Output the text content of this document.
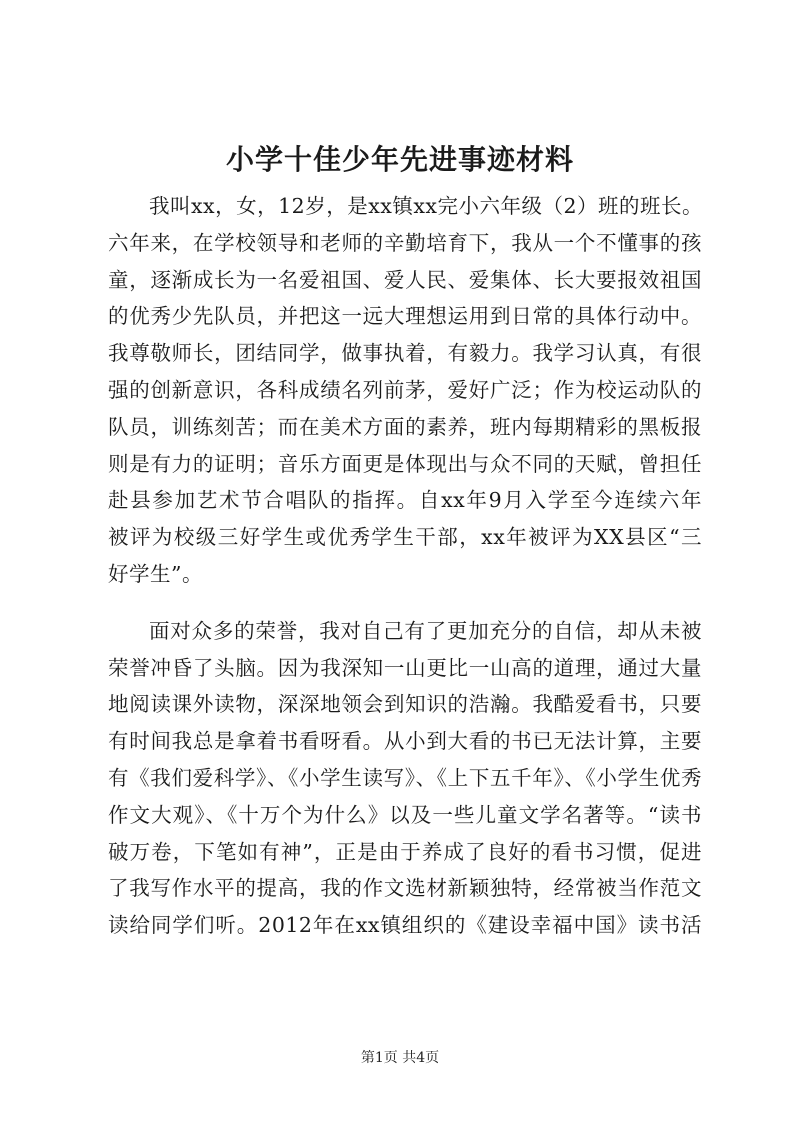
小学十佳少年先进事迹材料
我叫xx，女，12岁，是xx镇xx完小六年级（2）班的班长。
六年来，在学校领导和老师的辛勤培育下，我从一个不懂事的孩
童，逐渐成长为一名爱祖国、爱人民、爱集体、长大要报效祖国
的优秀少先队员，并把这一远大理想运用到日常的具体行动中。
我尊敬师长，团结同学，做事执着，有毅力。我学习认真，有很
强的创新意识，各科成绩名列前茅，爱好广泛；作为校运动队的
队员，训练刻苦；而在美术方面的素养，班内每期精彩的黑板报
则是有力的证明；音乐方面更是体现出与众不同的天赋，曾担任
赴县参加艺术节合唱队的指挥。自xx年9月入学至今连续六年
被评为校级三好学生或优秀学生干部，xx年被评为XX县区“三
好学生”。
面对众多的荣誉，我对自己有了更加充分的自信，却从未被
荣誉冲昏了头脑。因为我深知一山更比一山高的道理，通过大量
地阅读课外读物，深深地领会到知识的浩瀚。我酷爱看书，只要
有时间我总是拿着书看呀看。从小到大看的书已无法计算，主要
有《我们爱科学》、《小学生读写》、《上下五千年》、《小学生优秀
作文大观》、《十万个为什么》以及一些儿童文学名著等。“读书
破万卷，下笔如有神”，正是由于养成了良好的看书习惯，促进
了我写作水平的提高，我的作文选材新颖独特，经常被当作范文
读给同学们听。2012年在xx镇组织的《建设幸福中国》读书活
第1页 共4页
